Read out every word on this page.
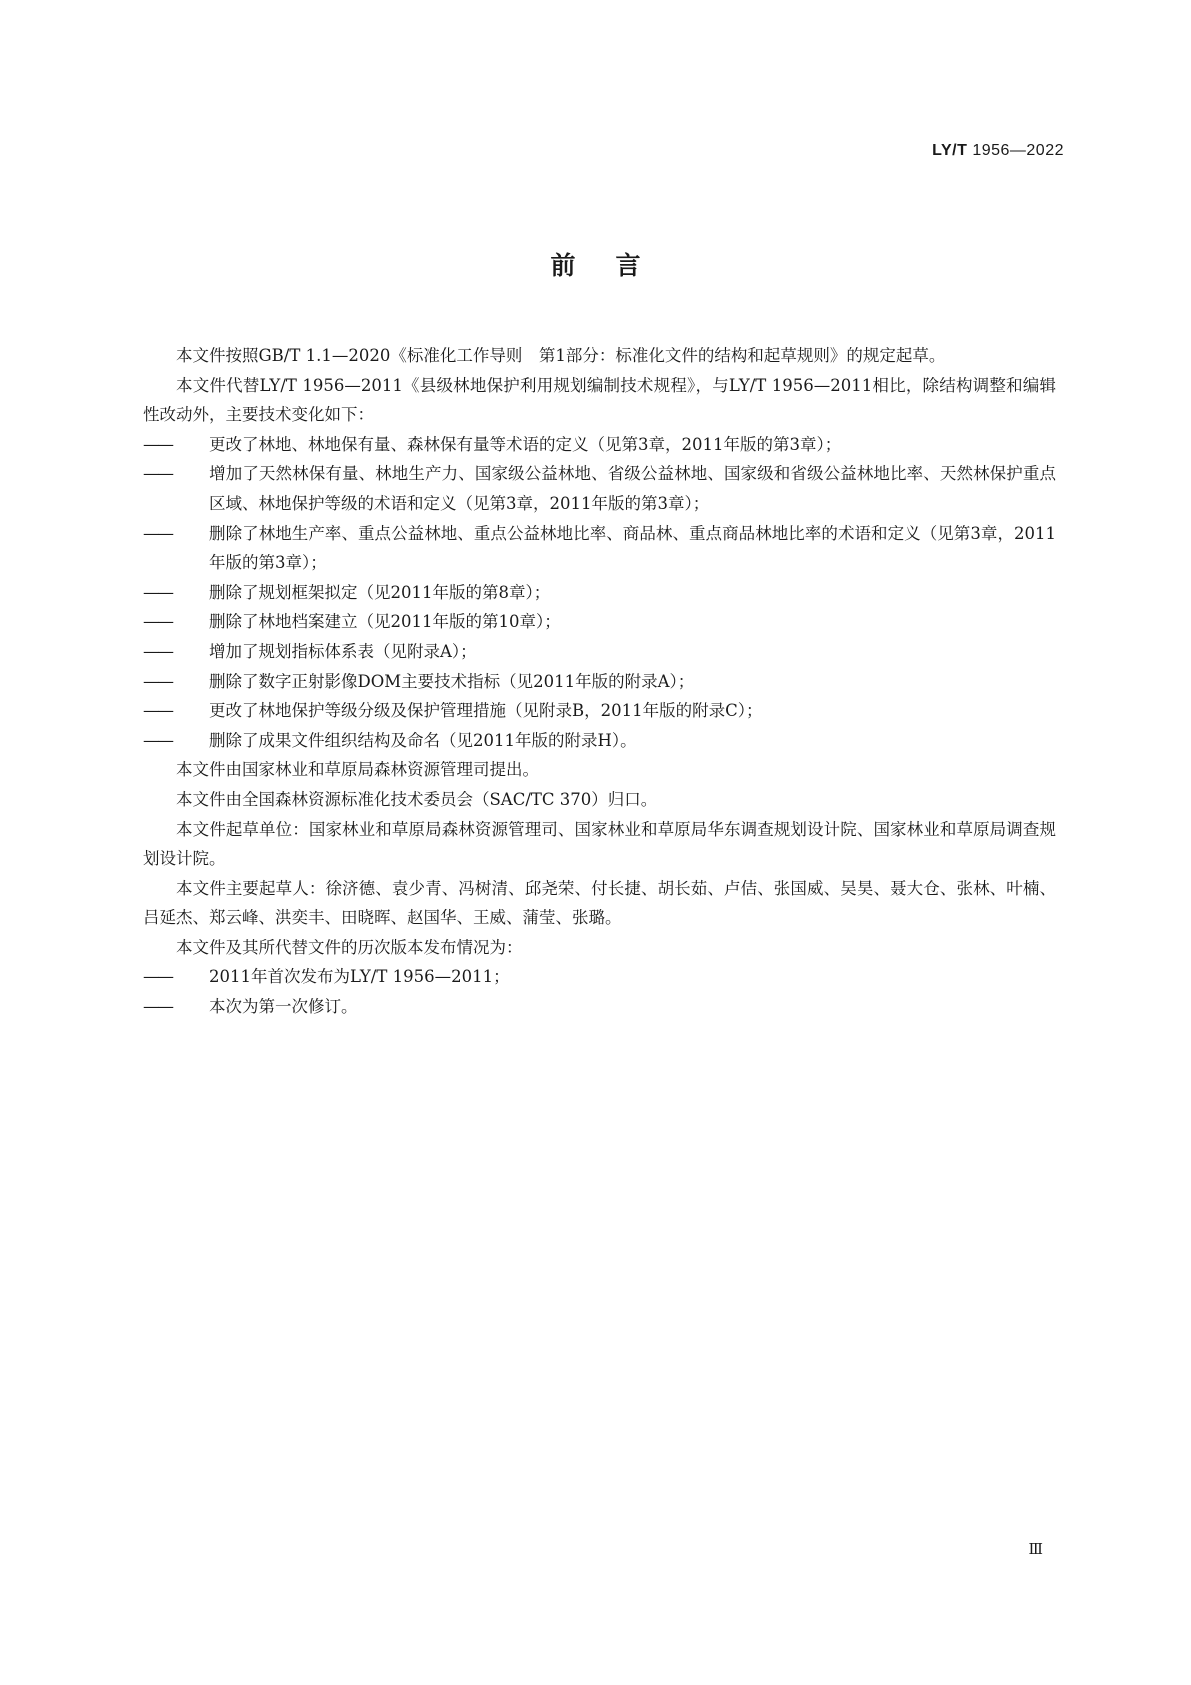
LY/T 1956—2022
前言

本文件按照GB/T 1.1—2020《标准化工作导则　第1部分：标准化文件的结构和起草规则》的规定起草。

本文件代替LY/T 1956—2011《县级林地保护利用规划编制技术规程》，与LY/T 1956—2011相比，除结构调整和编辑性改动外，主要技术变化如下：

—— 更改了林地、林地保有量、森林保有量等术语的定义（见第3章，2011年版的第3章）；

—— 增加了天然林保有量、林地生产力、国家级公益林地、省级公益林地、国家级和省级公益林地比率、天然林保护重点区域、林地保护等级的术语和定义（见第3章，2011年版的第3章）；

—— 删除了林地生产率、重点公益林地、重点公益林地比率、商品林、重点商品林地比率的术语和定义（见第3章，2011年版的第3章）；

—— 删除了规划框架拟定（见2011年版的第8章）；

—— 删除了林地档案建立（见2011年版的第10章）；

—— 增加了规划指标体系表（见附录A）；

—— 删除了数字正射影像DOM主要技术指标（见2011年版的附录A）；

—— 更改了林地保护等级分级及保护管理措施（见附录B，2011年版的附录C）；

—— 删除了成果文件组织结构及命名（见2011年版的附录H）。

本文件由国家林业和草原局森林资源管理司提出。

本文件由全国森林资源标准化技术委员会（SAC/TC 370）归口。

本文件起草单位：国家林业和草原局森林资源管理司、国家林业和草原局华东调查规划设计院、国家林业和草原局调查规划设计院。

本文件主要起草人：徐济德、袁少青、冯树清、邱尧荣、付长捷、胡长茹、卢佶、张国威、吴昊、聂大仓、张林、叶楠、吕延杰、郑云峰、洪奕丰、田晓晖、赵国华、王威、蒲莹、张璐。

本文件及其所代替文件的历次版本发布情况为：

—— 2011年首次发布为LY/T 1956—2011；

—— 本次为第一次修订。

Ⅲ
